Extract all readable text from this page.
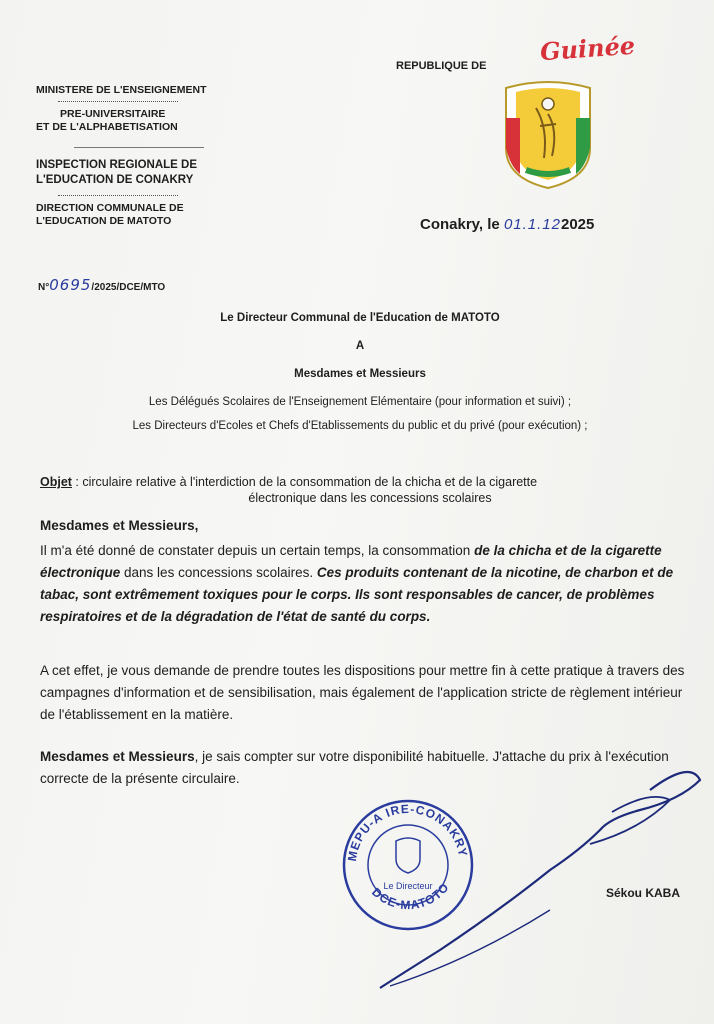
MINISTERE DE L'ENSEIGNEMENT
PRE-UNIVERSITAIRE
ET DE L'ALPHABETISATION
INSPECTION REGIONALE DE
L'EDUCATION DE CONAKRY
DIRECTION COMMUNALE DE
L'EDUCATION DE MATOTO
N°0695/2025/DCE/MTO
REPUBLIQUE DE Guinée
Conakry, le 01.1.122025
Le Directeur Communal de l'Education de MATOTO
A
Mesdames et Messieurs
Les Délégués Scolaires de l'Enseignement Elémentaire (pour information et suivi) ;
Les Directeurs d'Ecoles et Chefs d'Etablissements du public et du privé (pour exécution) ;
Objet : circulaire relative à l'interdiction de la consommation de la chicha et de la cigarette
électronique dans les concessions scolaires
Mesdames et Messieurs,
Il m'a été donné de constater depuis un certain temps, la consommation de la chicha et de la cigarette électronique dans les concessions scolaires. Ces produits contenant de la nicotine, de charbon et de tabac, sont extrêmement toxiques pour le corps. Ils sont responsables de cancer, de problèmes respiratoires et de la dégradation de l'état de santé du corps.
A cet effet, je vous demande de prendre toutes les dispositions pour mettre fin à cette pratique à travers des campagnes d'information et de sensibilisation, mais également de l'application stricte de règlement intérieur de l'établissement en la matière.
Mesdames et Messieurs, je sais compter sur votre disponibilité habituelle. J'attache du prix à l'exécution correcte de la présente circulaire.
MEPU-A IRE-CONAKRY
DCE-MATOTO
Le Directeur	Sékou KABA
